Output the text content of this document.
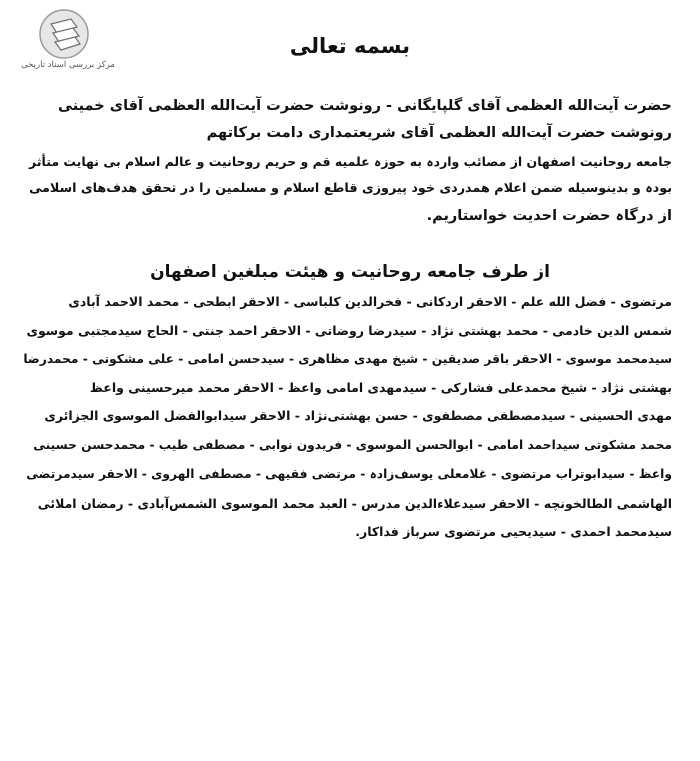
مرکز بررسی اسناد تاریخی
بسمه تعالی
حضرت آیت‌الله العظمی آقای گلپایگانی - رونوشت حضرت آیت‌الله العظمی آقای خمینی
رونوشت حضرت آیت‌الله العظمی آقای شریعتمداری دامت برکاتهم
جامعه روحانیت اصفهان از مصائب واردہ به حوزہ علمیه قم و حریم روحانیت و عالم اسلام بی نهایت متأثر
بودہ و بدینوسیله ضمن اعلام همدردی خود پیروزی قاطع اسلام و مسلمین را در تحقق هدف‌های اسلامی
از درگاہ حضرت احدیت خواستاریم.
از طرف جامعه روحانیت و هیئت مبلغین اصفهان
مرتضوی - فضل الله علم - الاحقر اردکانی - فخرالدین کلباسی - الاحقر ابطحی - محمد الاحمد آبادی
شمس الدین خادمی - محمد بهشتی نژاد - سیدرضا روضاتی - الاحقر احمد جنتی - الحاج سیدمجتبی موسوی
سیدمحمد موسوی - الاحقر باقر صدیقین - شیخ مهدی مظاهری - سیدحسن امامی - علی مشکوتی - محمدرضا
بهشتی نژاد - شیخ محمدعلی فشارکی - سیدمهدی امامی واعظ - الاحقر محمد میرحسینی واعظ
مهدی الحسینی - سیدمصطفی مصطفوی - حسن بهشتی‌نژاد - الاحقر سیدابوالفضل الموسوی الجزائری
محمد مشکوتی سیداحمد امامی - ابوالحسن الموسوی - فریدون نوابی - مصطفی طیب - محمدحسن حسینی
واعظ - سیدابوتراب مرتضوی - غلامعلی یوسف‌زادہ - مرتضی فقیهی - مصطفی الهروی - الاحقر سیدمرتضی
الهاشمی الطالخونچه - الاحقر سیدعلاءالدین مدرس - العبد محمد الموسوی الشمس‌آبادی - رمضان املائی
سیدمحمد احمدی - سیدیحیی مرتضوی سرباز فداکار.
